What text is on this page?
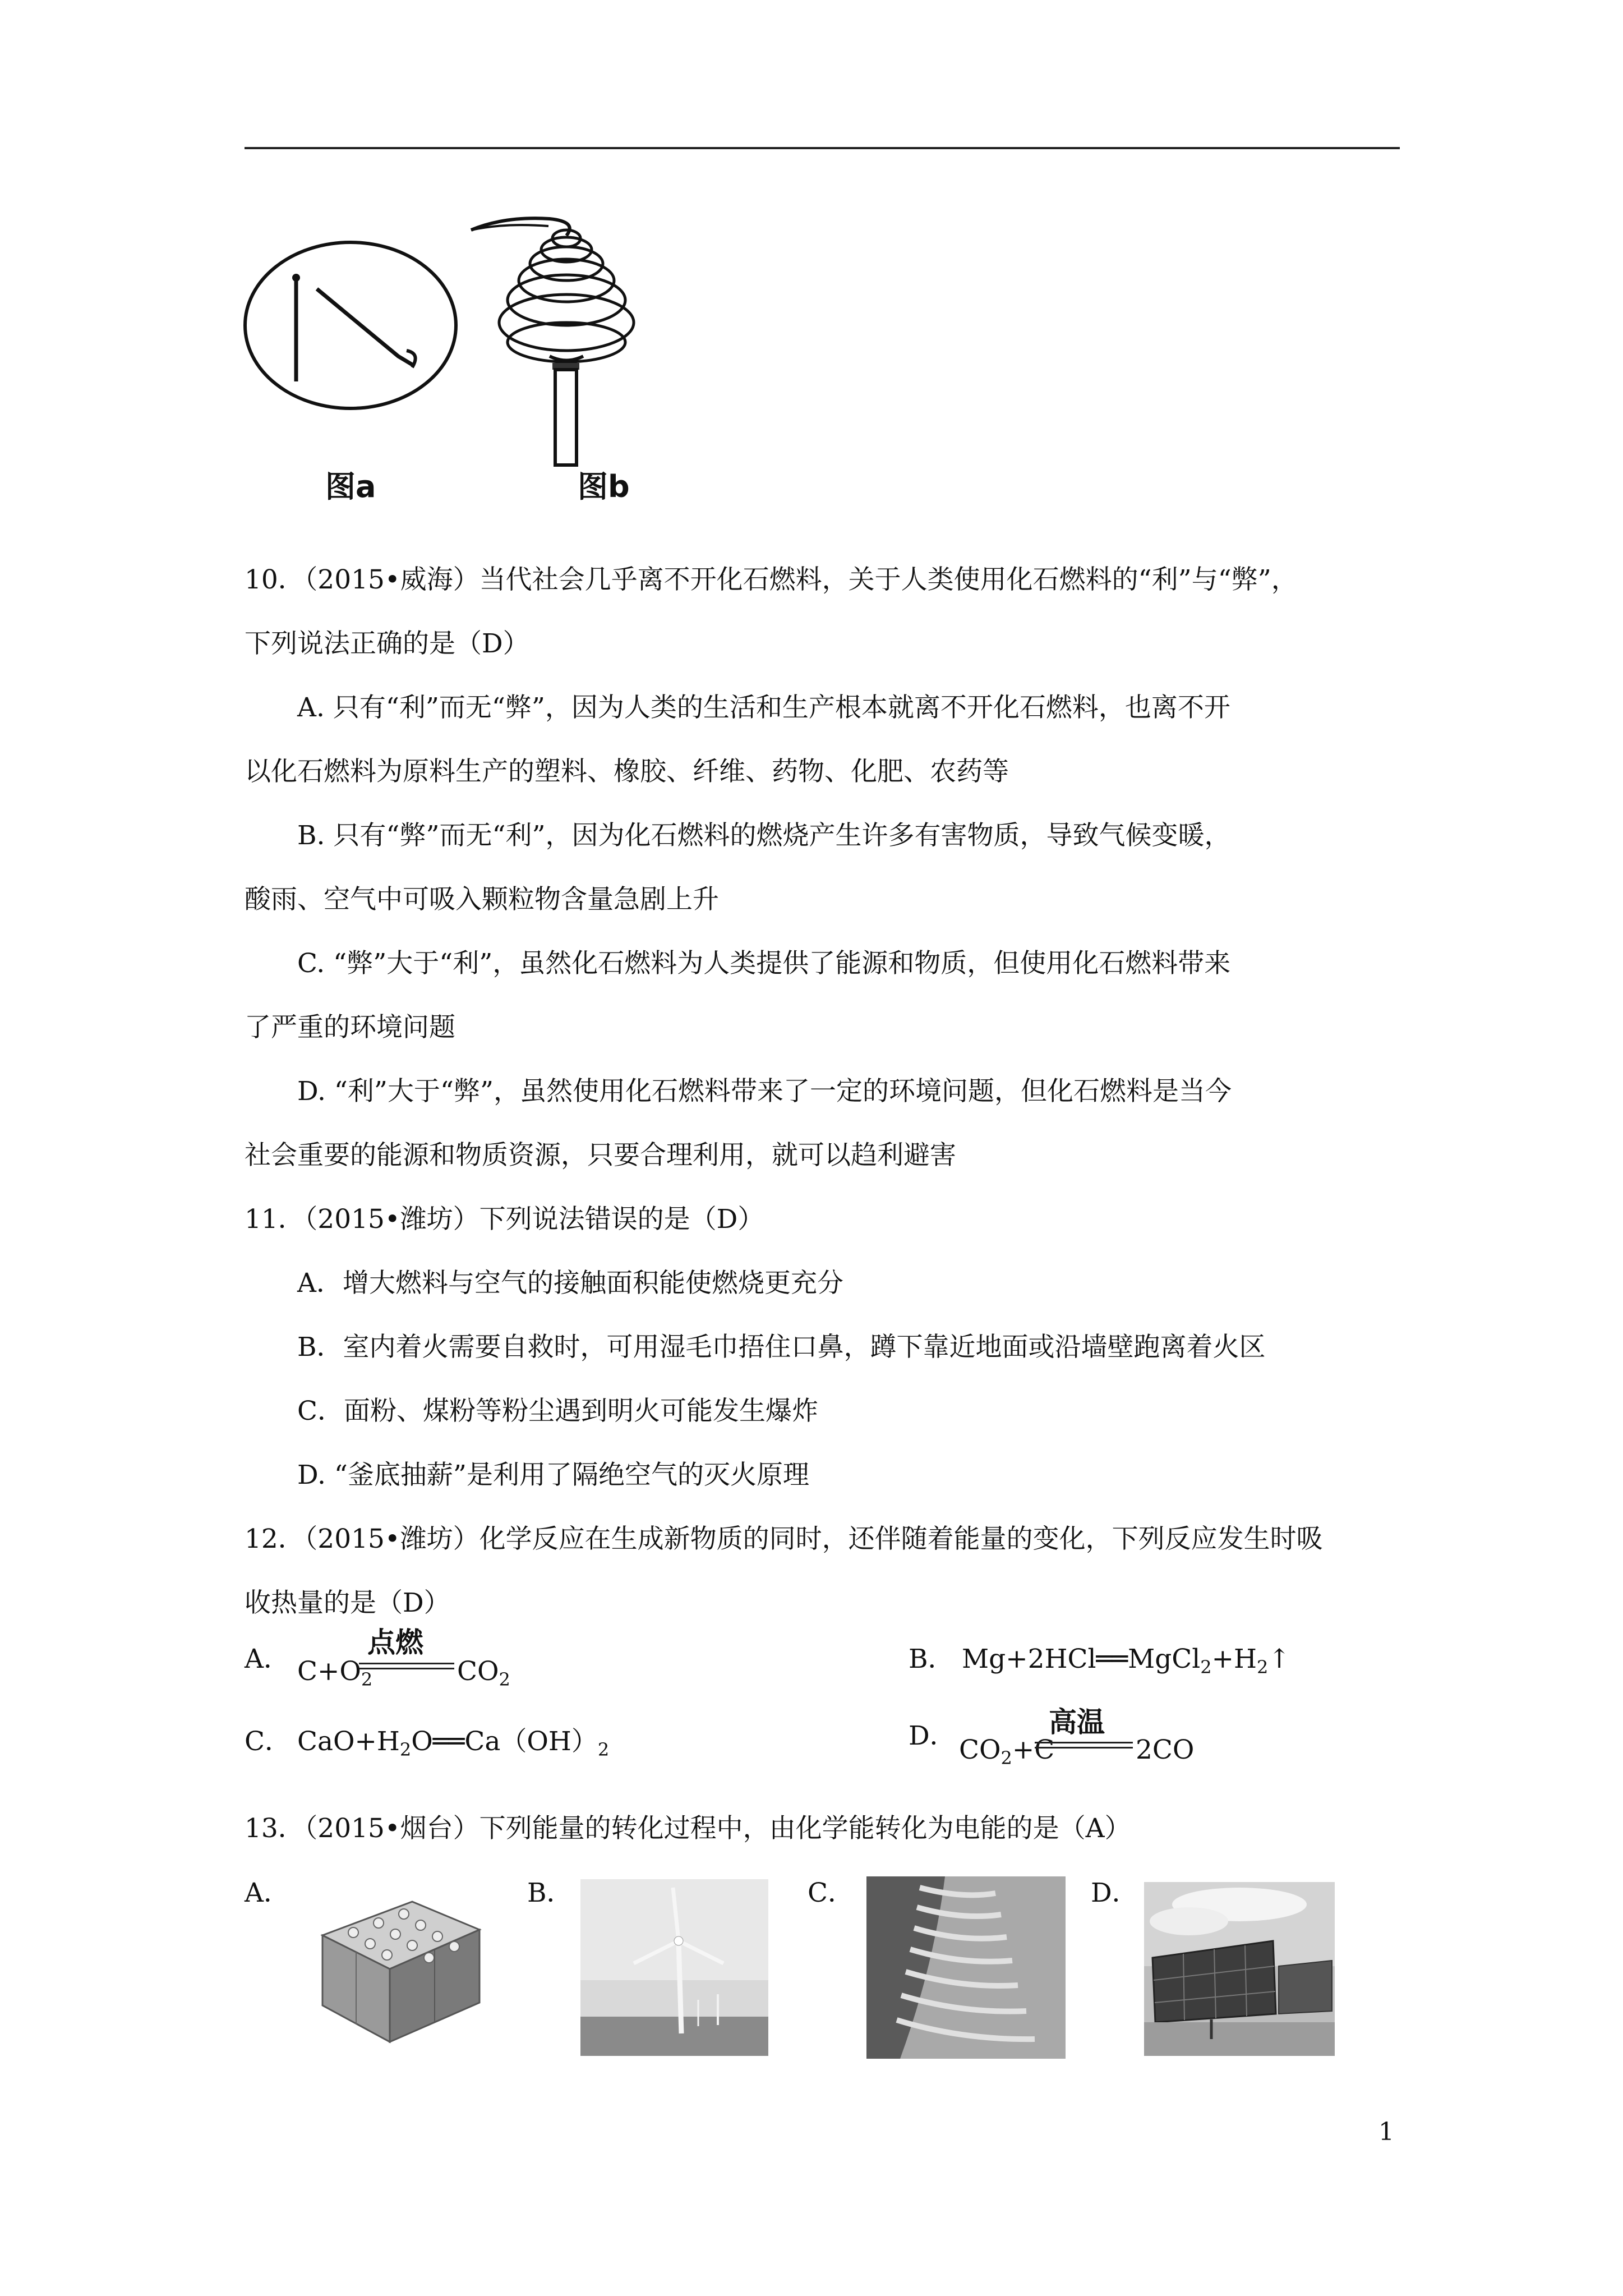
图a	图b
10．（2015•威海）当代社会几乎离不开化石燃料，关于人类使用化石燃料的“利”与“弊”，
下列说法正确的是（D）
A. 只有“利”而无“弊”，因为人类的生活和生产根本就离不开化石燃料，也离不开
以化石燃料为原料生产的塑料、橡胶、纤维、药物、化肥、农药等
B. 只有“弊”而无“利”，因为化石燃料的燃烧产生许多有害物质，导致气候变暖，
酸雨、空气中可吸入颗粒物含量急剧上升
C. “弊”大于“利”，虽然化石燃料为人类提供了能源和物质，但使用化石燃料带来
了严重的环境问题
D. “利”大于“弊”，虽然使用化石燃料带来了一定的环境问题，但化石燃料是当今
社会重要的能源和物质资源，只要合理利用，就可以趋利避害
11．（2015•潍坊）下列说法错误的是（D）
A．增大燃料与空气的接触面积能使燃烧更充分
B．室内着火需要自救时，可用湿毛巾捂住口鼻，蹲下靠近地面或沿墙壁跑离着火区
C．面粉、煤粉等粉尘遇到明火可能发生爆炸
D. “釜底抽薪”是利用了隔绝空气的灭火原理
12．（2015•潍坊）化学反应在生成新物质的同时，还伴随着能量的变化，下列反应发生时吸
收热量的是（D）
A． $C+O_2$
点燃
$CO_2$
B． $Mg+2HCl══MgCl_2+H_2↑$
C． $CaO+H_2O══Ca(OH)_2$	D． $CO_2+C$
高温
2CO
13．（2015•烟台）下列能量的转化过程中，由化学能转化为电能的是（A）
A．	B．	C．	D．
1
